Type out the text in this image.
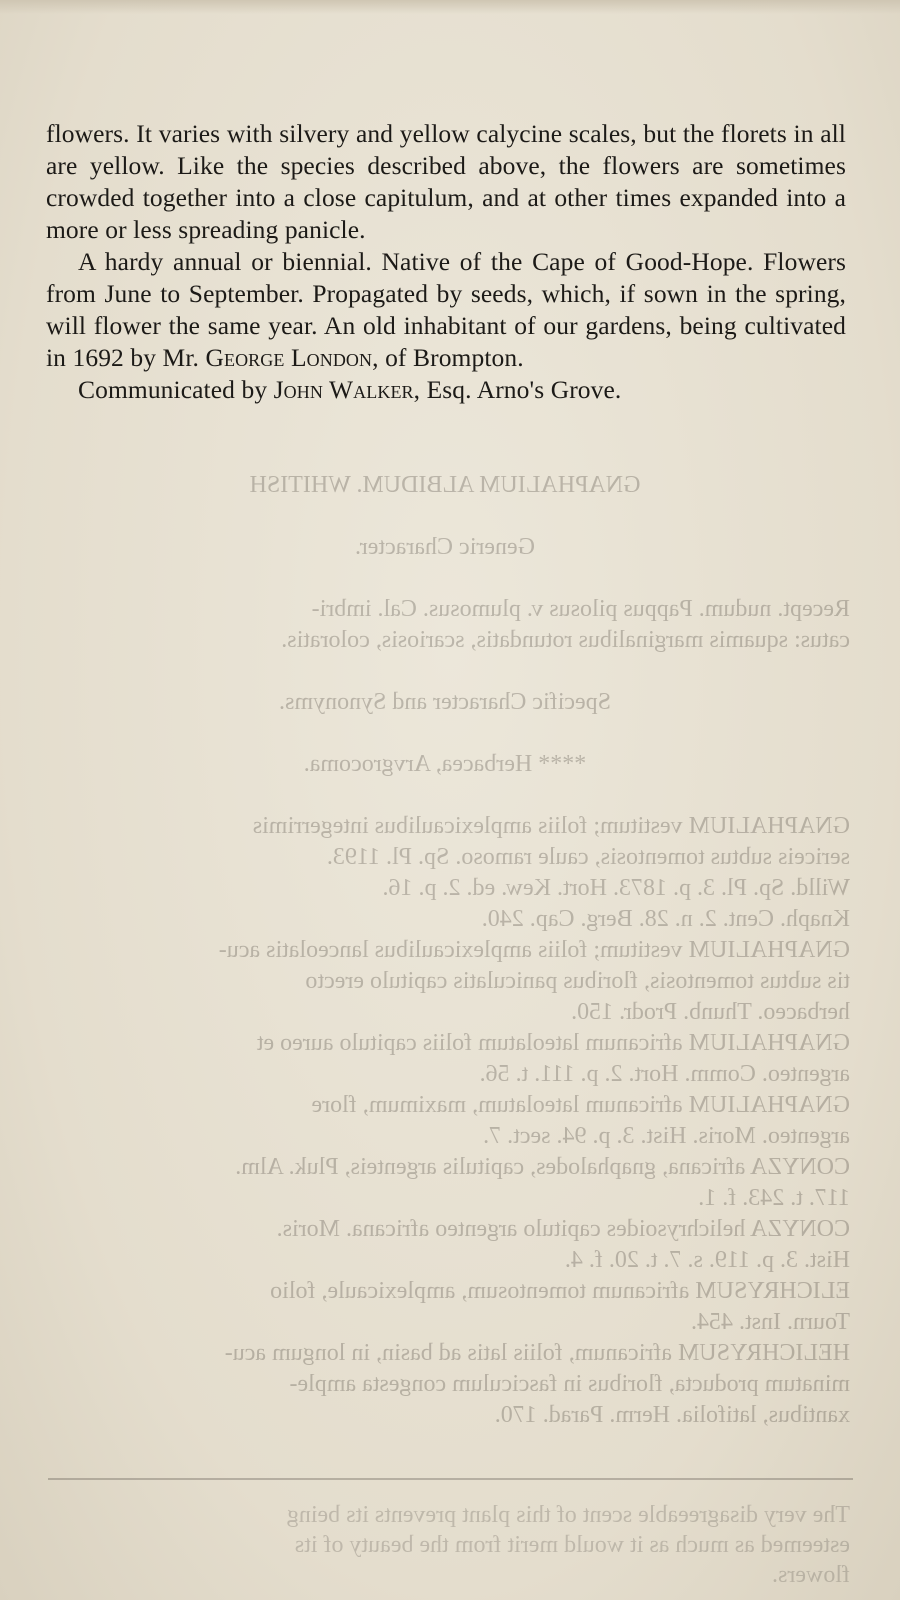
flowers. It varies with silvery and yellow calycine scales, but the florets in all are yellow. Like the species described above, the flowers are sometimes crowded together into a close capitulum, and at other times expanded into a more or less spreading panicle.

A hardy annual or biennial. Native of the Cape of Good-Hope. Flowers from June to September. Propagated by seeds, which, if sown in the spring, will flower the same year. An old inhabitant of our gardens, being cultivated in 1692 by Mr. George London, of Brompton.

Communicated by John Walker, Esq. Arno's Grove.

GNAPHALIUM ALBIDUM. WHITISH

Generic Character.

Recept. nudum. Pappus pilosus v. plumosus. Cal. imbri-
catus: squamis marginalibus rotundatis, scariosis, coloratis.

Specific Character and Synonyms.

**** Herbacea, Arvgrocoma.

GNAPHALIUM vestitum; foliis amplexicaulibus integerrimis
sericeis subtus tomentosis, caule ramoso. Sp. Pl. 1193.
Willd. Sp. Pl. 3. p. 1873. Hort. Kew. ed. 2. p. 16.
Knaph. Cent. 2. n. 28. Berg. Cap. 240.
GNAPHALIUM vestitum; foliis amplexicaulibus lanceolatis acu-
tis subtus tomentosis, floribus paniculatis capitulo erecto
herbaceo. Thunb. Prodr. 150.
GNAPHALIUM africanum lateolatum foliis capitulo aureo et
argenteo. Comm. Hort. 2. p. 111. t. 56.
GNAPHALIUM africanum lateolatum, maximum, flore
argenteo. Moris. Hist. 3. p. 94. sect. 7.
CONYZA africana, gnaphalodes, capitulis argenteis, Pluk. Alm.
117. t. 243. f. 1.
CONYZA helichrysoides capitulo argenteo africana. Moris.
Hist. 3. p. 119. s. 7. t. 20. f. 4.
ELICHRYSUM africanum tomentosum, amplexicaule, folio
Tourn. Inst. 454.
HELICHRYSUM africanum, foliis latis ad basin, in longum acu-
minatum producta, floribus in fasciculum congesta ample-
xantibus, latifolia. Herm. Parad. 170.
The very disagreeable scent of this plant prevents its being
esteemed as much as it would merit from the beauty of its
flowers.
